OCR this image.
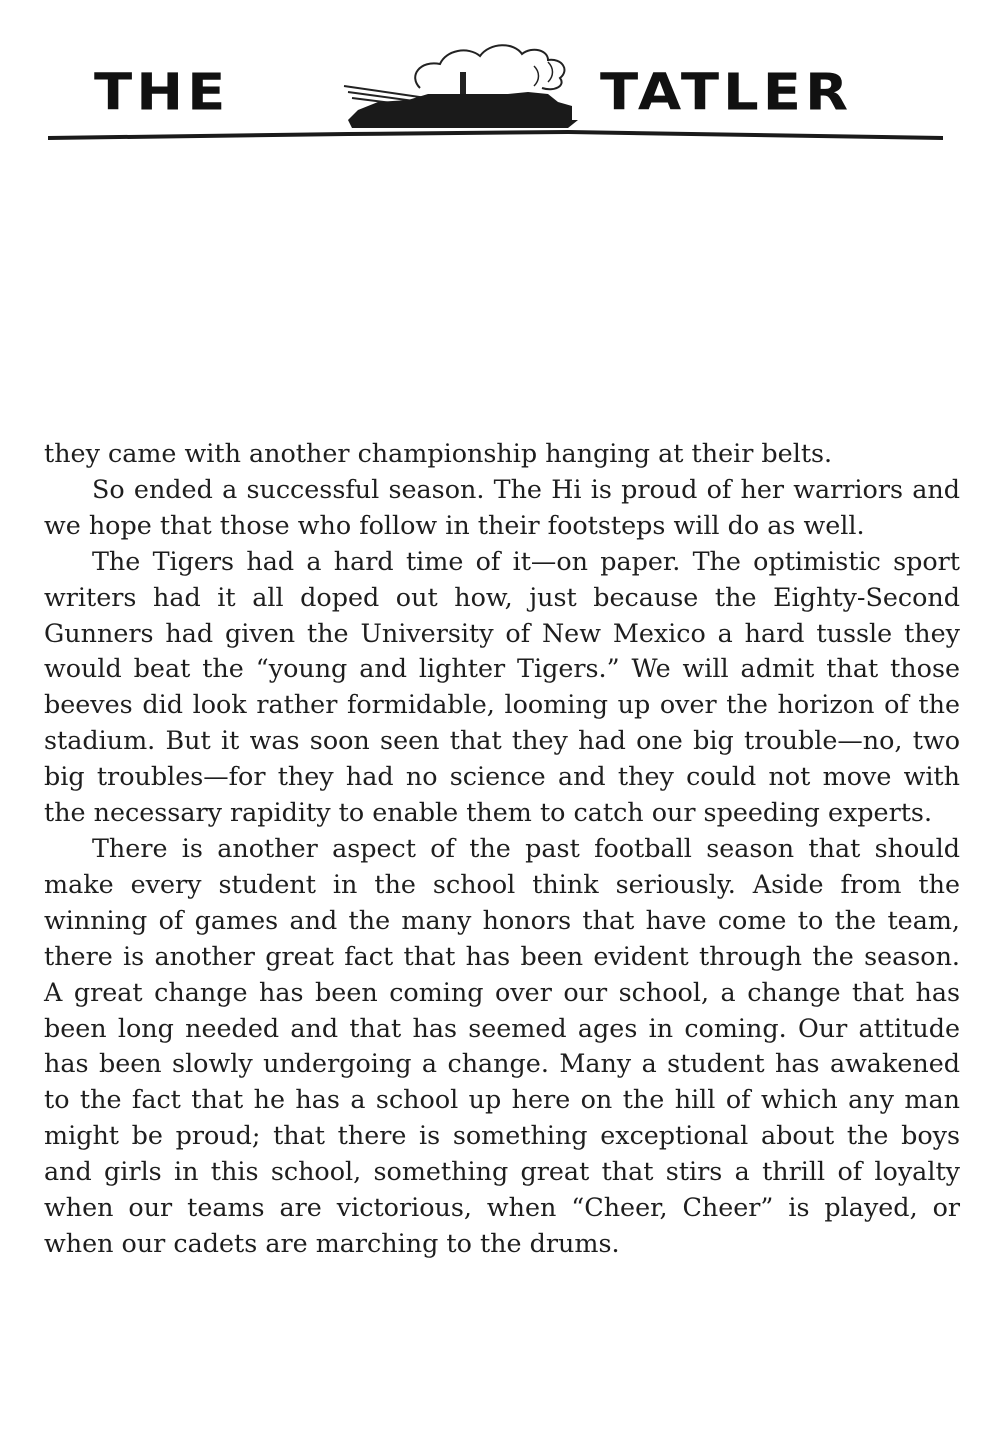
THE	TATLER

they came with another championship hanging at their belts.

So ended a successful season. The Hi is proud of her warriors and we hope that those who follow in their footsteps will do as well.

The Tigers had a hard time of it—on paper. The optimistic sport writers had it all doped out how, just because the Eighty-Second Gunners had given the University of New Mexico a hard tussle they would beat the “young and lighter Tigers.” We will admit that those beeves did look rather formidable, looming up over the horizon of the stadium. But it was soon seen that they had one big trouble—no, two big troubles—for they had no science and they could not move with the necessary rapidity to enable them to catch our speeding experts.

There is another aspect of the past football season that should make every student in the school think seriously. Aside from the winning of games and the many honors that have come to the team, there is another great fact that has been evident through the season. A great change has been coming over our school, a change that has been long needed and that has seemed ages in coming. Our attitude has been slowly undergoing a change. Many a student has awakened to the fact that he has a school up here on the hill of which any man might be proud; that there is something exceptional about the boys and girls in this school, something great that stirs a thrill of loyalty when our teams are victorious, when “Cheer, Cheer” is played, or when our cadets are marching to the drums.
